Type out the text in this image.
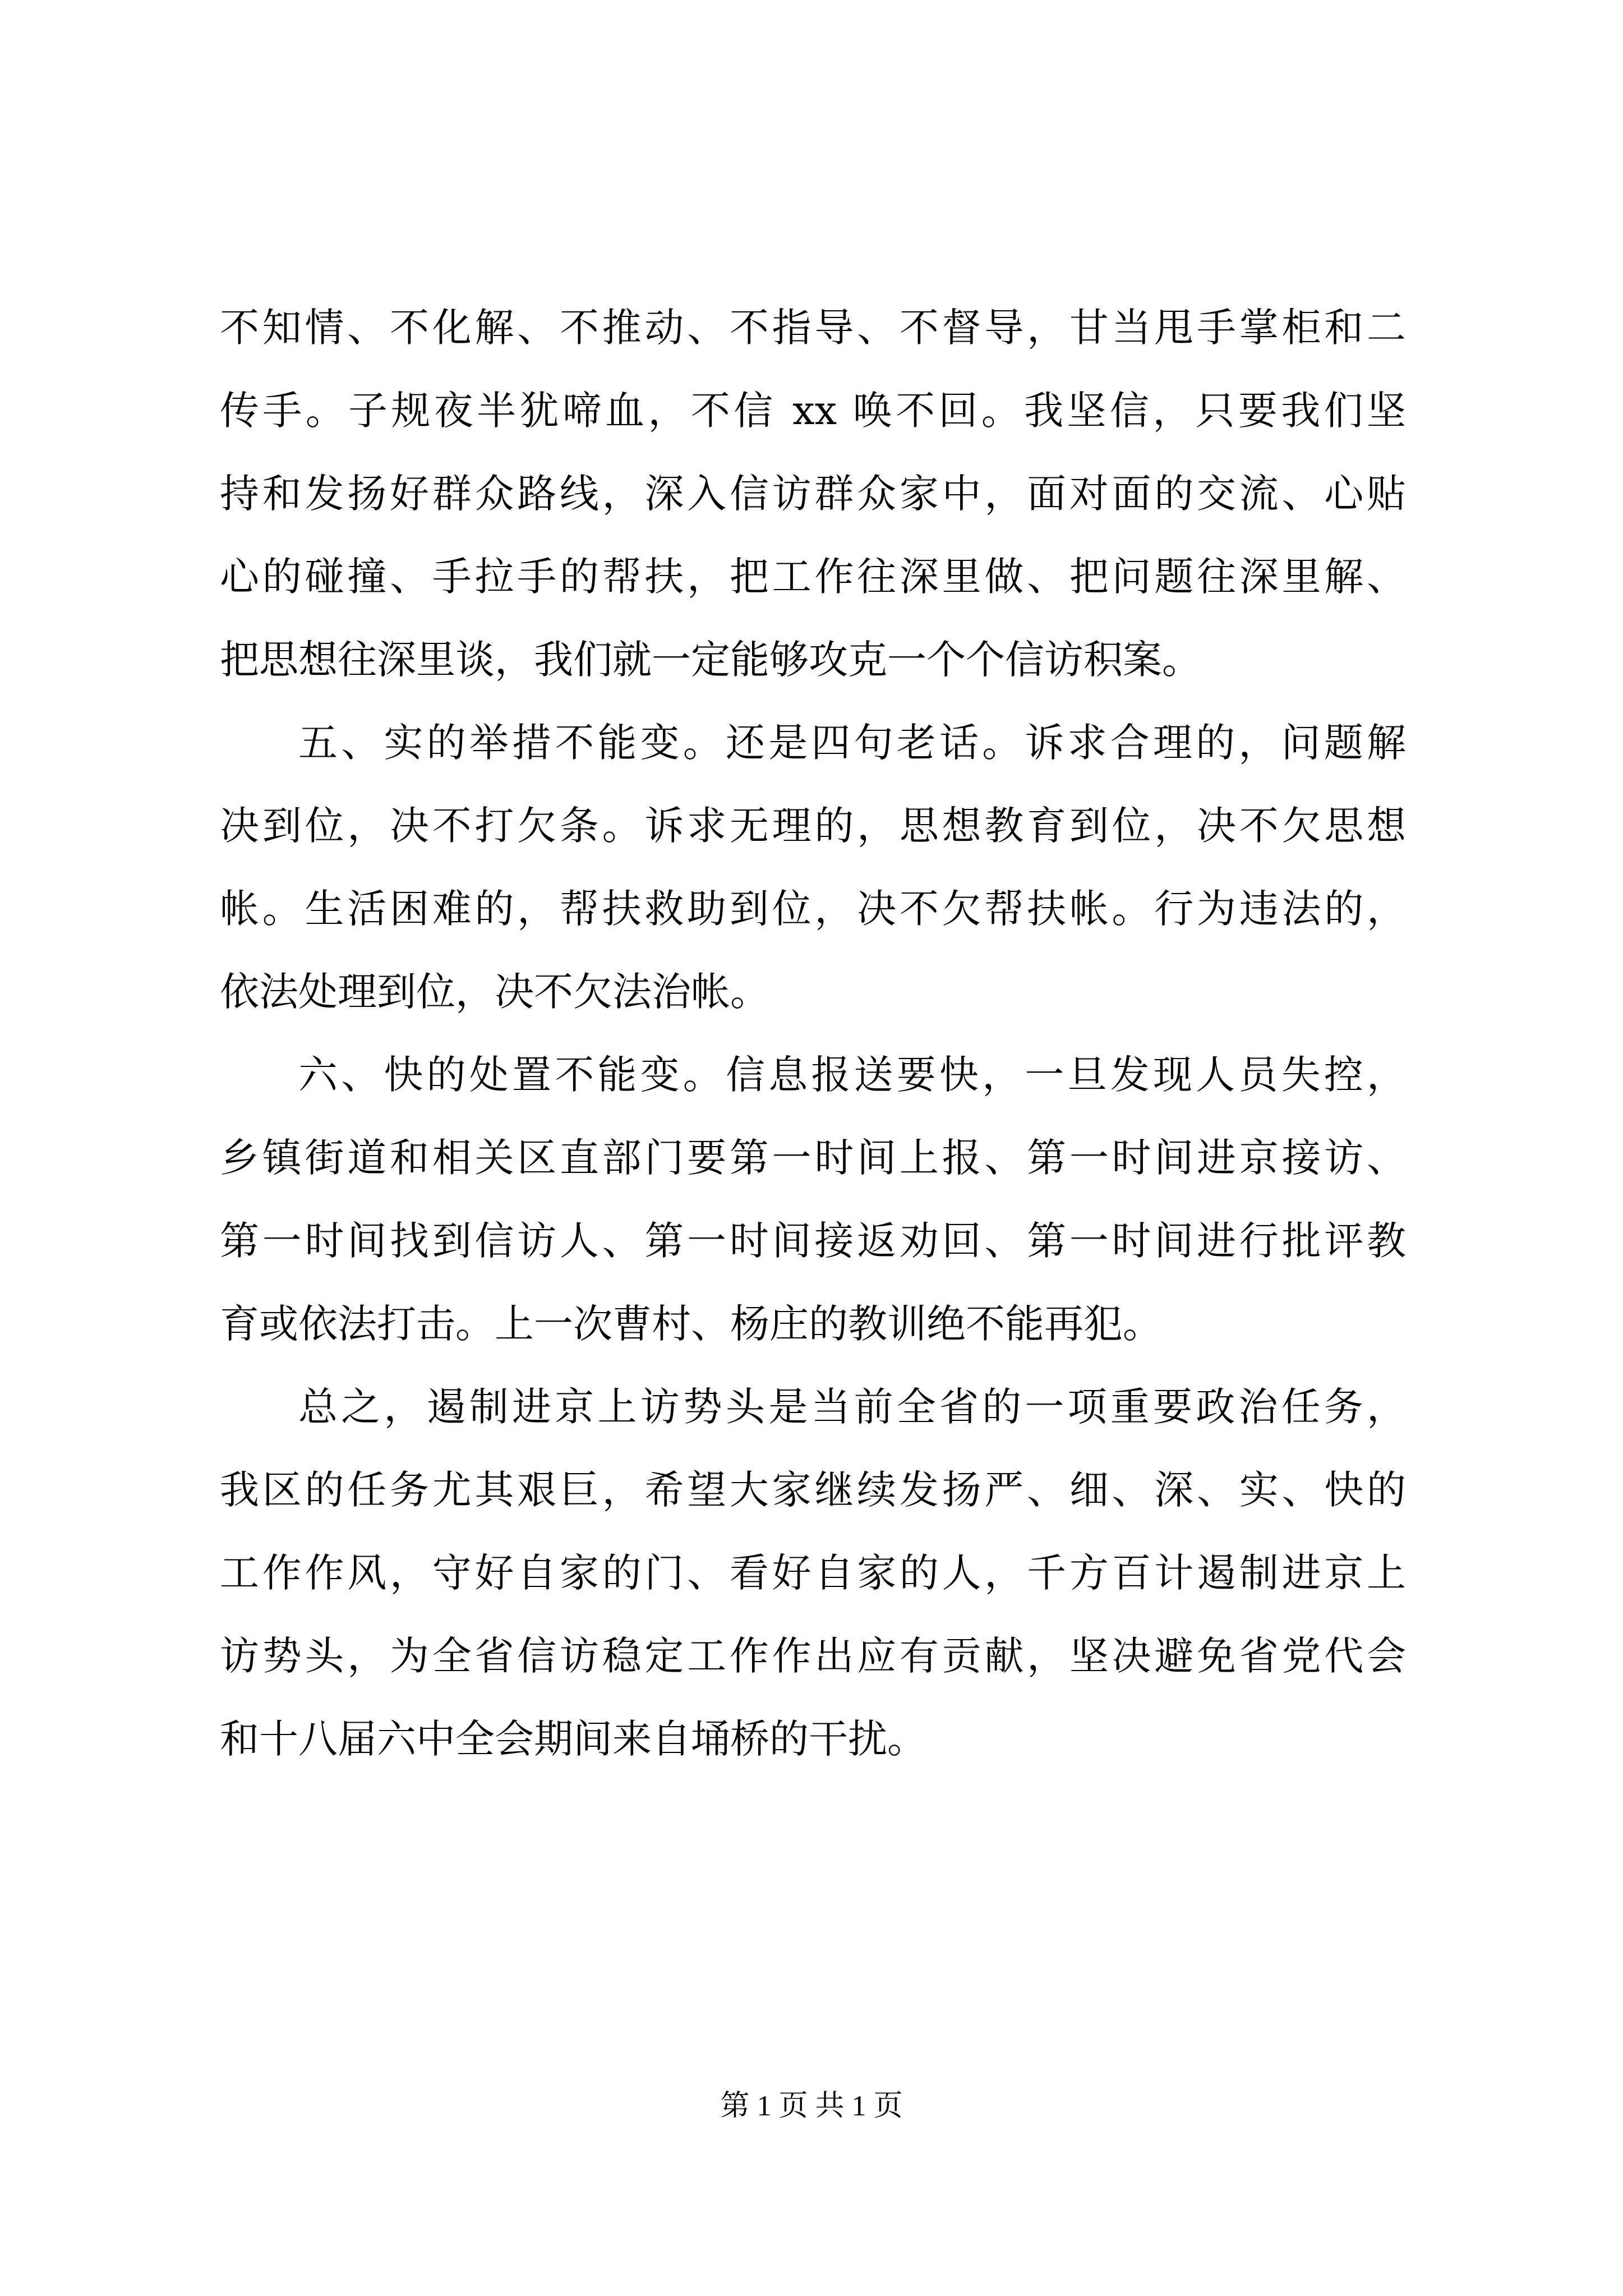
不知情、不化解、不推动、不指导、不督导，甘当甩手掌柜和二
传手。子规夜半犹啼血，不信 xx 唤不回。我坚信，只要我们坚
持和发扬好群众路线，深入信访群众家中，面对面的交流、心贴
心的碰撞、手拉手的帮扶，把工作往深里做、把问题往深里解、
把思想往深里谈，我们就一定能够攻克一个个信访积案。
五、实的举措不能变。还是四句老话。诉求合理的，问题解
决到位，决不打欠条。诉求无理的，思想教育到位，决不欠思想
帐。生活困难的，帮扶救助到位，决不欠帮扶帐。行为违法的，
依法处理到位，决不欠法治帐。
六、快的处置不能变。信息报送要快，一旦发现人员失控，
乡镇街道和相关区直部门要第一时间上报、第一时间进京接访、
第一时间找到信访人、第一时间接返劝回、第一时间进行批评教
育或依法打击。上一次曹村、杨庄的教训绝不能再犯。
总之，遏制进京上访势头是当前全省的一项重要政治任务，
我区的任务尤其艰巨，希望大家继续发扬严、细、深、实、快的
工作作风，守好自家的门、看好自家的人，千方百计遏制进京上
访势头，为全省信访稳定工作作出应有贡献，坚决避免省党代会
和十八届六中全会期间来自埇桥的干扰。
第 1 页 共 1 页
